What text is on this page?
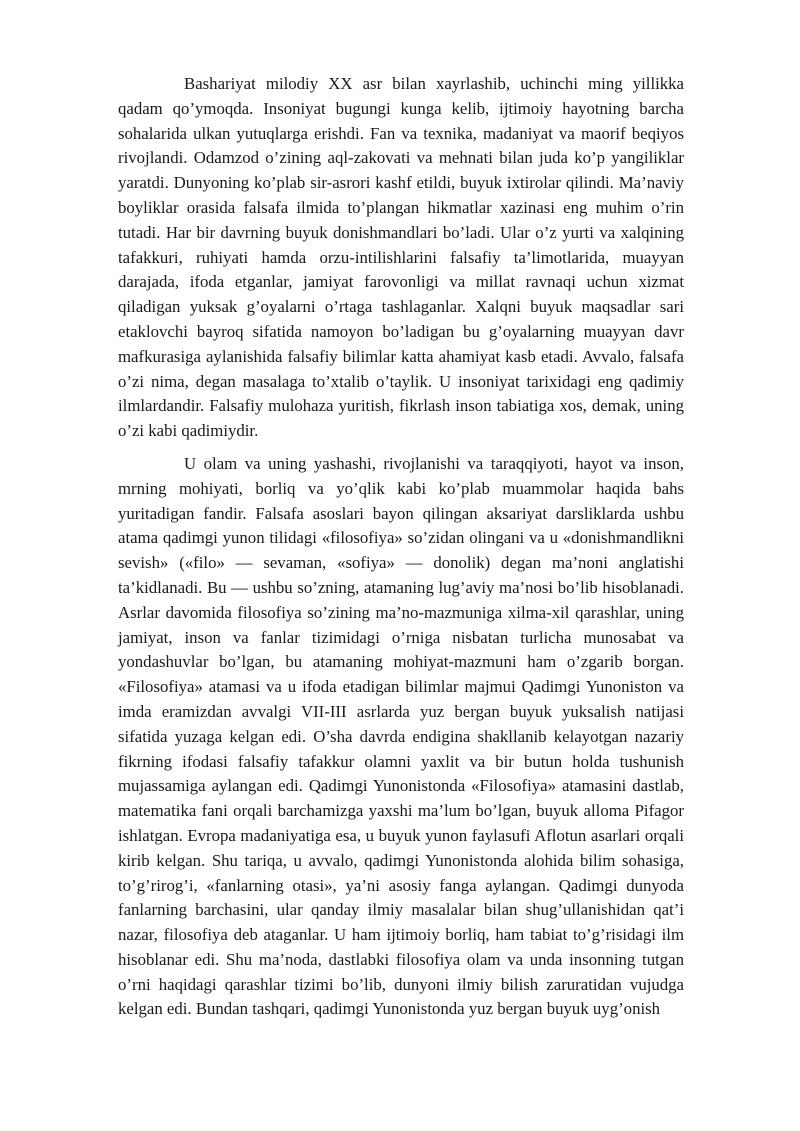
Bashariyat milodiy XX asr bilan xayrlashib, uchinchi ming yillikka qadam qo’ymoqda. Insoniyat bugungi kunga kelib, ijtimoiy hayotning barcha sohalarida ulkan yutuqlarga erishdi. Fan va texnika, madaniyat va maorif beqiyos rivojlandi. Odamzod o’zining aql-zakovati va mehnati bilan juda ko’p yangiliklar yaratdi. Dunyoning ko’plab sir-asrori kashf etildi, buyuk ixtirolar qilindi. Ma’naviy boyliklar orasida falsafa ilmida to’plangan hikmatlar xazinasi eng muhim o’rin tutadi. Har bir davrning buyuk donishmandlari bo’ladi. Ular o’z yurti va xalqining tafakkuri, ruhiyati hamda orzu-intilishlarini falsafiy ta’limotlarida, muayyan darajada, ifoda etganlar, jamiyat farovonligi va millat ravnaqi uchun xizmat qiladigan yuksak g’oyalarni o’rtaga tashlaganlar. Xalqni buyuk maqsadlar sari etaklovchi bayroq sifatida namoyon bo’ladigan bu g’oyalarning muayyan davr mafkurasiga aylanishida falsafiy bilimlar katta ahamiyat kasb etadi. Avvalo, falsafa o’zi nima, degan masalaga to’xtalib o’taylik. U insoniyat tarixidagi eng qadimiy ilmlardandir. Falsafiy mulohaza yuritish, fikrlash inson tabiatiga xos, demak, uning o’zi kabi qadimiydir.

U olam va uning yashashi, rivojlanishi va taraqqiyoti, hayot va inson, mrning mohiyati, borliq va yo’qlik kabi ko’plab muammolar haqida bahs yuritadigan fandir. Falsafa asoslari bayon qilingan aksariyat darsliklarda ushbu atama qadimgi yunon tilidagi «filosofiya» so’zidan olingani va u «donishmandlikni sevish» («filo» — sevaman, «sofiya» — donolik) degan ma’noni anglatishi ta’kidlanadi. Bu — ushbu so’zning, atamaning lug’aviy ma’nosi bo’lib hisoblanadi. Asrlar davomida filosofiya so’zining ma’no-mazmuniga xilma-xil qarashlar, uning jamiyat, inson va fanlar tizimidagi o’rniga nisbatan turlicha munosabat va yondashuvlar bo’lgan, bu atamaning mohiyat-mazmuni ham o’zgarib borgan. «Filosofiya» atamasi va u ifoda etadigan bilimlar majmui Qadimgi Yunoniston va imda eramizdan avvalgi VII-III asrlarda yuz bergan buyuk yuksalish natijasi sifatida yuzaga kelgan edi. O’sha davrda endigina shakllanib kelayotgan nazariy fikrning ifodasi falsafiy tafakkur olamni yaxlit va bir butun holda tushunish mujassamiga aylangan edi. Qadimgi Yunonistonda «Filosofiya» atamasini dastlab, matematika fani orqali barchamizga yaxshi ma’lum bo’lgan, buyuk alloma Pifagor ishlatgan. Evropa madaniyatiga esa, u buyuk yunon faylasufi Aflotun asarlari orqali kirib kelgan. Shu tariqa, u avvalo, qadimgi Yunonistonda alohida bilim sohasiga, to’g’rirog’i, «fanlarning otasi», ya’ni asosiy fanga aylangan. Qadimgi dunyoda fanlarning barchasini, ular qanday ilmiy masalalar bilan shug’ullanishidan qat’i nazar, filosofiya deb ataganlar. U ham ijtimoiy borliq, ham tabiat to’g’risidagi ilm hisoblanar edi. Shu ma’noda, dastlabki filosofiya olam va unda insonning tutgan o’rni haqidagi qarashlar tizimi bo’lib, dunyoni ilmiy bilish zaruratidan vujudga kelgan edi. Bundan tashqari, qadimgi Yunonistonda yuz bergan buyuk uyg’onish
